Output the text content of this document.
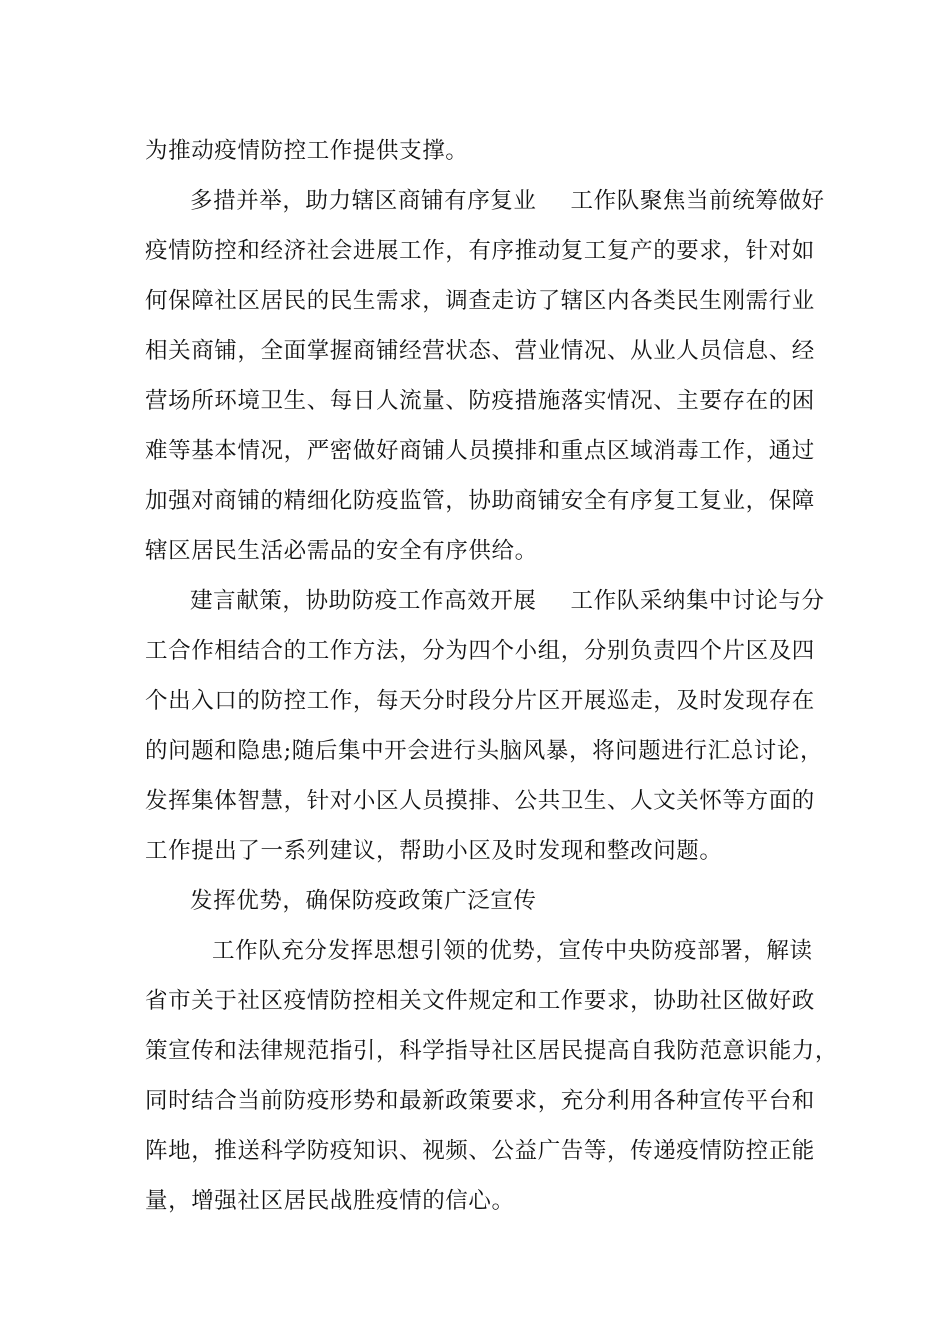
为推动疫情防控工作提供支撑。
多措并举，助力辖区商铺有序复业 工作队聚焦当前统筹做好
疫情防控和经济社会进展工作，有序推动复工复产的要求，针对如
何保障社区居民的民生需求，调查走访了辖区内各类民生刚需行业
相关商铺，全面掌握商铺经营状态、营业情况、从业人员信息、经
营场所环境卫生、每日人流量、防疫措施落实情况、主要存在的困
难等基本情况，严密做好商铺人员摸排和重点区域消毒工作，通过
加强对商铺的精细化防疫监管，协助商铺安全有序复工复业，保障
辖区居民生活必需品的安全有序供给。
建言献策，协助防疫工作高效开展 工作队采纳集中讨论与分
工合作相结合的工作方法，分为四个小组，分别负责四个片区及四
个出入口的防控工作，每天分时段分片区开展巡走，及时发现存在
的问题和隐患;随后集中开会进行头脑风暴，将问题进行汇总讨论，
发挥集体智慧，针对小区人员摸排、公共卫生、人文关怀等方面的
工作提出了一系列建议，帮助小区及时发现和整改问题。
发挥优势，确保防疫政策广泛宣传
工作队充分发挥思想引领的优势，宣传中央防疫部署，解读
省市关于社区疫情防控相关文件规定和工作要求，协助社区做好政
策宣传和法律规范指引，科学指导社区居民提高自我防范意识能力，
同时结合当前防疫形势和最新政策要求，充分利用各种宣传平台和
阵地，推送科学防疫知识、视频、公益广告等，传递疫情防控正能
量，增强社区居民战胜疫情的信心。
